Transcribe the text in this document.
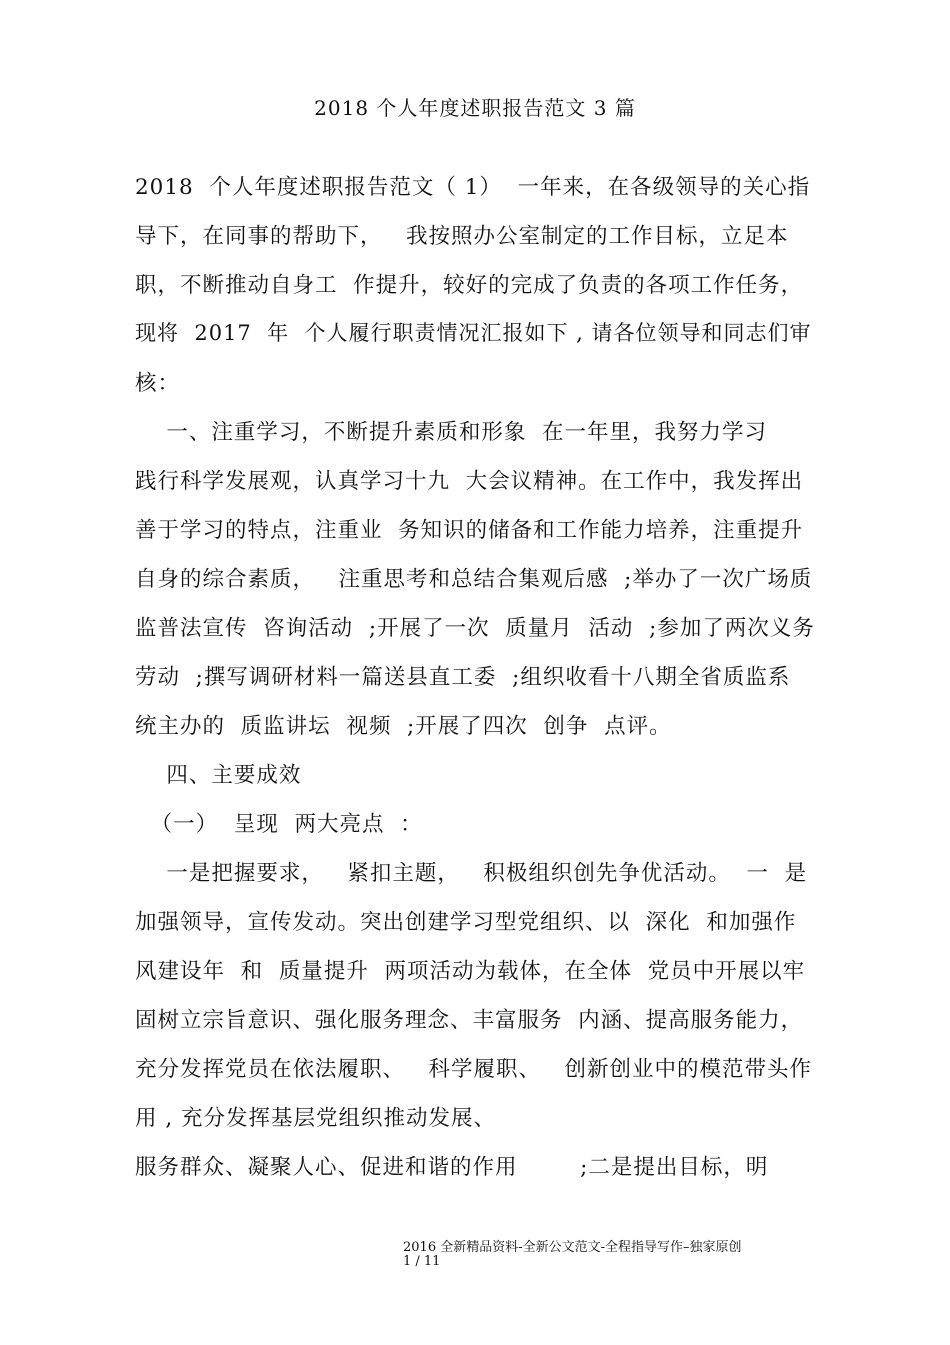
2018 个人年度述职报告范文 3 篇
2018  个人年度述职报告范文（ 1）  一年来，在各级领导的关心指
导下，在同事的帮助下，   我按照办公室制定的工作目标，立足本
职，不断推动自身工  作提升，较好的完成了负责的各项工作任务，
现将  2017  年  个人履行职责情况汇报如下 , 请各位领导和同志们审
核：
一、注重学习，不断提升素质和形象  在一年里，我努力学习
践行科学发展观，认真学习十九  大会议精神。在工作中，我发挥出
善于学习的特点，注重业  务知识的储备和工作能力培养，注重提升
自身的综合素质，   注重思考和总结合集观后感  ;举办了一次广场质
监普法宣传  咨询活动  ;开展了一次  质量月  活动  ;参加了两次义务
劳动  ;撰写调研材料一篇送县直工委  ;组织收看十八期全省质监系
统主办的  质监讲坛  视频  ;开展了四次  创争  点评。
四、主要成效
（一）  呈现  两大亮点  ：
一是把握要求，   紧扣主题，   积极组织创先争优活动。  一  是
加强领导，宣传发动。突出创建学习型党组织、以  深化  和加强作
风建设年  和  质量提升  两项活动为载体，在全体  党员中开展以牢
固树立宗旨意识、强化服务理念、丰富服务  内涵、提高服务能力，
充分发挥党员在依法履职、   科学履职、   创新创业中的模范带头作
用 , 充分发挥基层党组织推动发展、
服务群众、凝聚人心、促进和谐的作用        ;二是提出目标，明
2016 全新精品资料-全新公文范文-全程指导写作–独家原创
1 / 11
